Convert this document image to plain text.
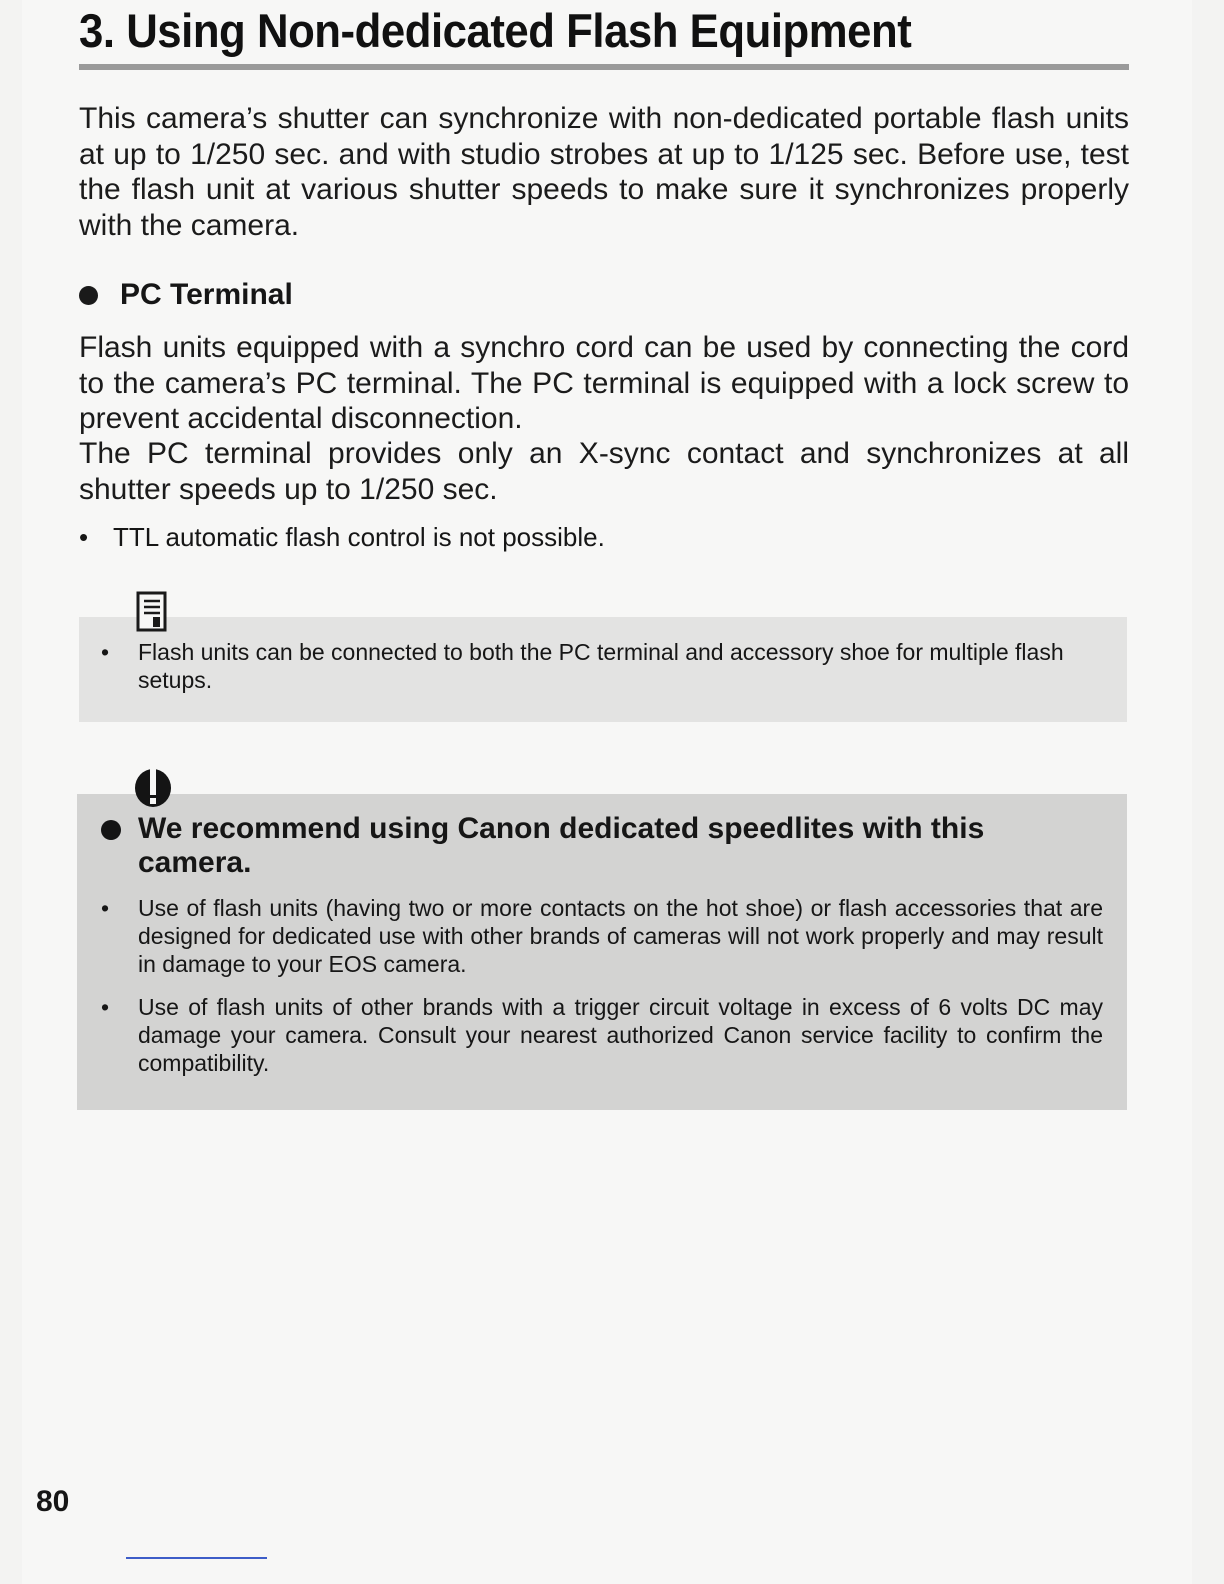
3. Using Non-dedicated Flash Equipment

This camera’s shutter can synchronize with non-dedicated portable flash units at up to 1/250 sec. and with studio strobes at up to 1/125 sec. Before use, test the flash unit at various shutter speeds to make sure it synchronizes properly with the camera.

PC Terminal

Flash units equipped with a synchro cord can be used by connecting the cord to the camera’s PC terminal. The PC terminal is equipped with a lock screw to prevent accidental disconnection.

The PC terminal provides only an X-sync contact and synchronizes at all shutter speeds up to 1/250 sec.

• TTL automatic flash control is not possible.

•	Flash units can be connected to both the PC terminal and accessory shoe for multiple flash setups.

We recommend using Canon dedicated speedlites with this camera.

•	Use of flash units (having two or more contacts on the hot shoe) or flash accessories that are designed for dedicated use with other brands of cameras will not work properly and may result in damage to your EOS camera.

•	Use of flash units of other brands with a trigger circuit voltage in excess of 6 volts DC may damage your camera. Consult your nearest authorized Canon service facility to confirm the compatibility.

80
